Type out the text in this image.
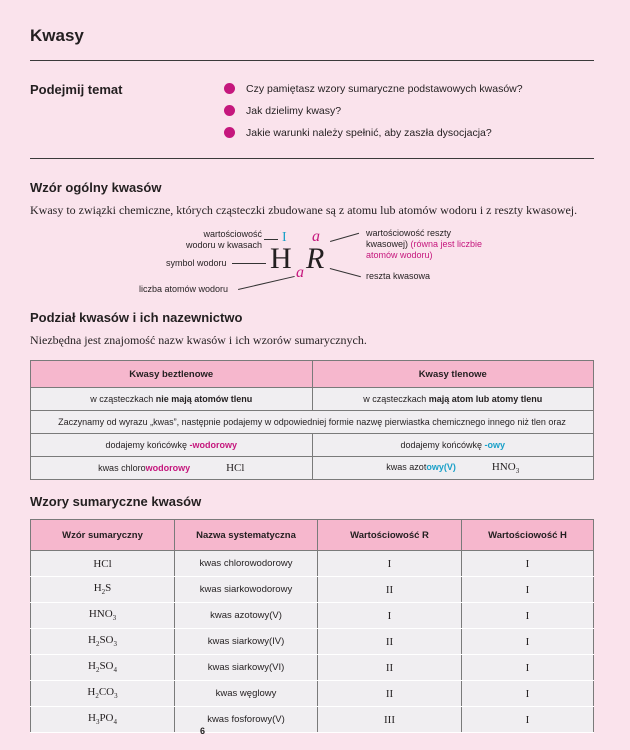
Kwasy
Podejmij temat	Czy pamiętasz wzory sumaryczne podstawowych kwasów?
Jak dzielimy kwasy?
Jakie warunki należy spełnić, aby zaszła dysocjacja?
Wzór ogólny kwasów
Kwasy to związki chemiczne, których cząsteczki zbudowane są z atomu lub atomów wodoru i z reszty kwasowej.
wartościowość
wodoru w kwasach
symbol wodoru
liczba atomów wodoru
I
H R
a
a
wartościowość reszty
kwasowej) (równa jest liczbie
atomów wodoru)
reszta kwasowa
Podział kwasów i ich nazewnictwo
Niezbędna jest znajomość nazw kwasów i ich wzorów sumarycznych.
Kwasy beztlenowe	Kwasy tlenowe
w cząsteczkach nie mają atomów tlenu	w cząsteczkach mają atom lub atomy tlenu
Zaczynamy od wyrazu „kwas”, następnie podajemy w odpowiedniej formie nazwę pierwiastka chemicznego innego niż tlen oraz	
dodajemy końcówkę -wodorowy	dodajemy końcówkę -owy
kwas chlorowodorowy HCl	kwas azotowy(V) $HNO_3$
Wzory sumaryczne kwasów
Wzór sumaryczny	Nazwa systematyczna	Wartościowość R	Wartościowość H
HCl	kwas chlorowodorowy	I	I
$H_2S$	kwas siarkowodorowy	II	I
$HNO_3$	kwas azotowy(V)	I	I
$H_2SO_3$	kwas siarkowy(IV)	II	I
$H_2SO_4$	kwas siarkowy(VI)	II	I
$H_2CO_3$	kwas węglowy	II	I
$H_3PO_4$	kwas fosforowy(V)	III	I
6
